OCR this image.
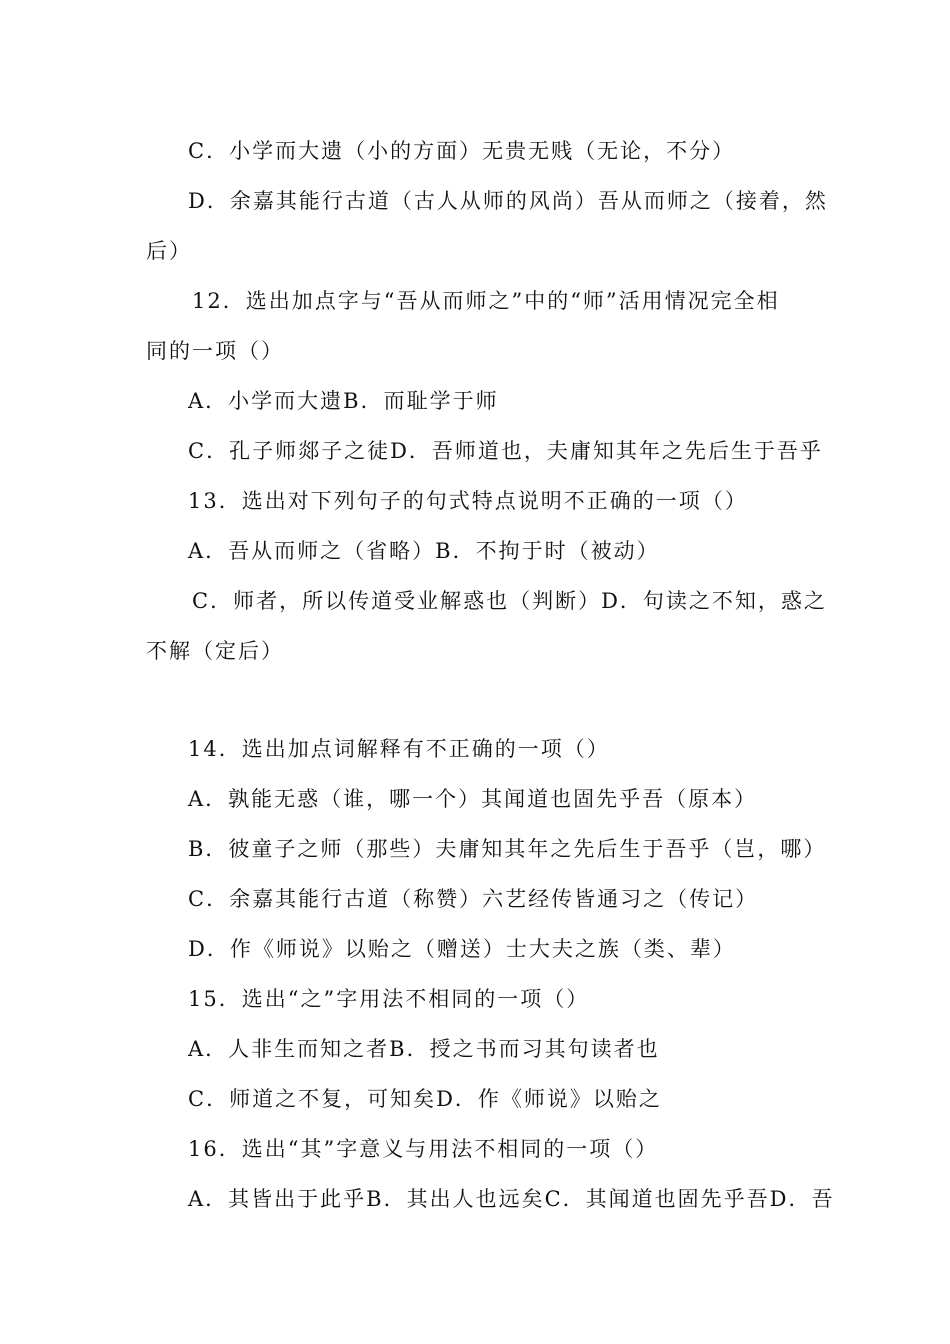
C．小学而大遗（小的方面）无贵无贱（无论，不分）
D．余嘉其能行古道（古人从师的风尚）吾从而师之（接着，然
后）
12．选出加点字与“吾从而师之”中的“师”活用情况完全相
同的一项（）
A．小学而大遗B．而耻学于师
C．孔子师郯子之徒D．吾师道也，夫庸知其年之先后生于吾乎
13．选出对下列句子的句式特点说明不正确的一项（）
A．吾从而师之（省略）B．不拘于时（被动）
C．师者，所以传道受业解惑也（判断）D．句读之不知，惑之
不解（定后）
14．选出加点词解释有不正确的一项（）
A．孰能无惑（谁，哪一个）其闻道也固先乎吾（原本）
B．彼童子之师（那些）夫庸知其年之先后生于吾乎（岂，哪）
C．余嘉其能行古道（称赞）六艺经传皆通习之（传记）
D．作《师说》以贻之（赠送）士大夫之族（类、辈）
15．选出“之”字用法不相同的一项（）
A．人非生而知之者B．授之书而习其句读者也
C．师道之不复，可知矣D．作《师说》以贻之
16．选出“其”字意义与用法不相同的一项（）
A．其皆出于此乎B．其出人也远矣C．其闻道也固先乎吾D．吾
